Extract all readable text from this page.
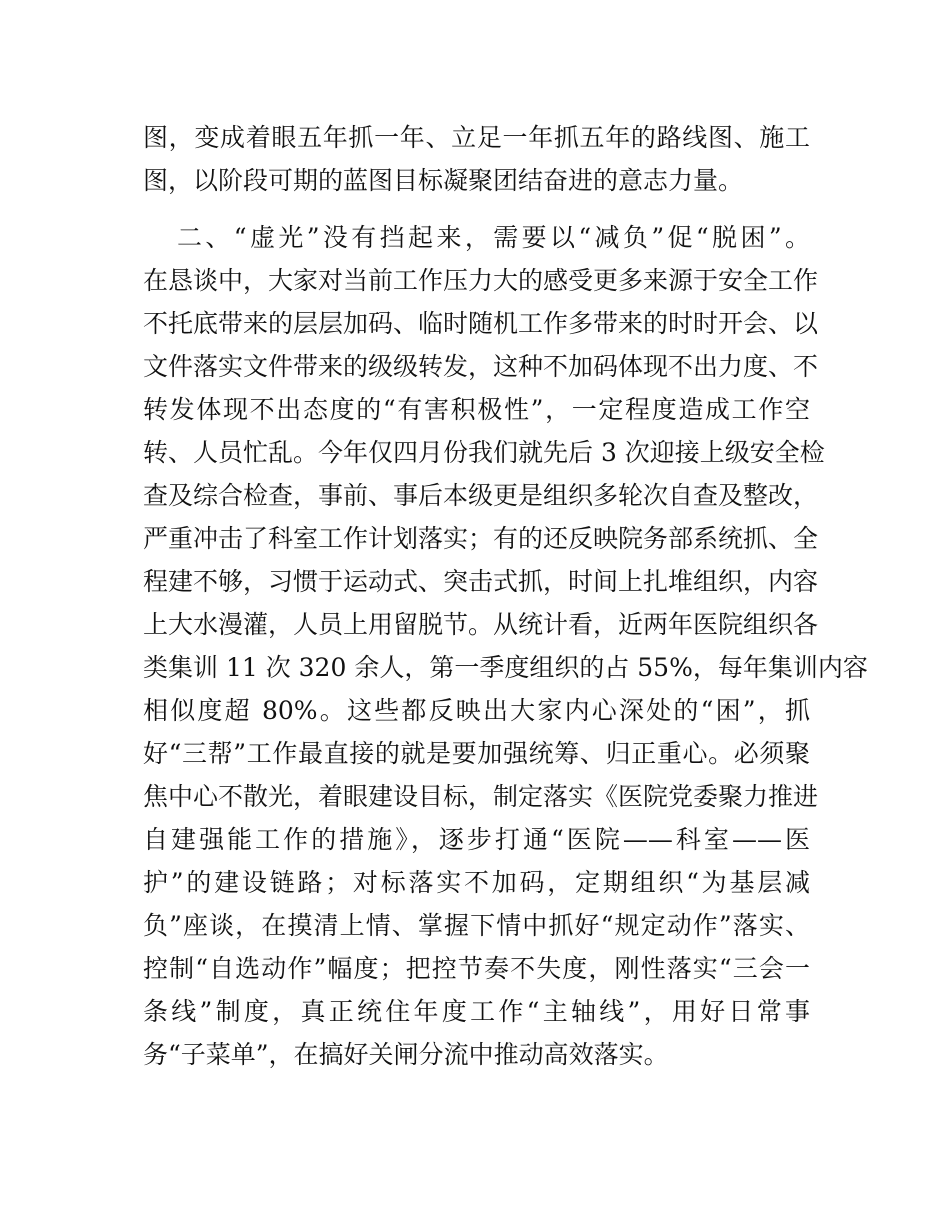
图，变成着眼五年抓一年、立足一年抓五年的路线图、施工
图，以阶段可期的蓝图目标凝聚团结奋进的意志力量。
二、“虚光”没有挡起来，需要以“减负”促“脱困”。
在恳谈中，大家对当前工作压力大的感受更多来源于安全工作
不托底带来的层层加码、临时随机工作多带来的时时开会、以
文件落实文件带来的级级转发，这种不加码体现不出力度、不
转发体现不出态度的“有害积极性”，一定程度造成工作空
转、人员忙乱。今年仅四月份我们就先后 3 次迎接上级安全检
查及综合检查，事前、事后本级更是组织多轮次自查及整改，
严重冲击了科室工作计划落实；有的还反映院务部系统抓、全
程建不够，习惯于运动式、突击式抓，时间上扎堆组织，内容
上大水漫灌，人员上用留脱节。从统计看，近两年医院组织各
类集训 11 次 320 余人，第一季度组织的占 55%，每年集训内容
相似度超 80%。这些都反映出大家内心深处的“困”，抓
好“三帮”工作最直接的就是要加强统筹、归正重心。必须聚
焦中心不散光，着眼建设目标，制定落实《医院党委聚力推进
自建强能工作的措施》，逐步打通“医院——科室——医
护”的建设链路；对标落实不加码，定期组织“为基层减
负”座谈，在摸清上情、掌握下情中抓好“规定动作”落实、
控制“自选动作”幅度；把控节奏不失度，刚性落实“三会一
条线”制度，真正统住年度工作“主轴线”，用好日常事
务“子菜单”，在搞好关闸分流中推动高效落实。
